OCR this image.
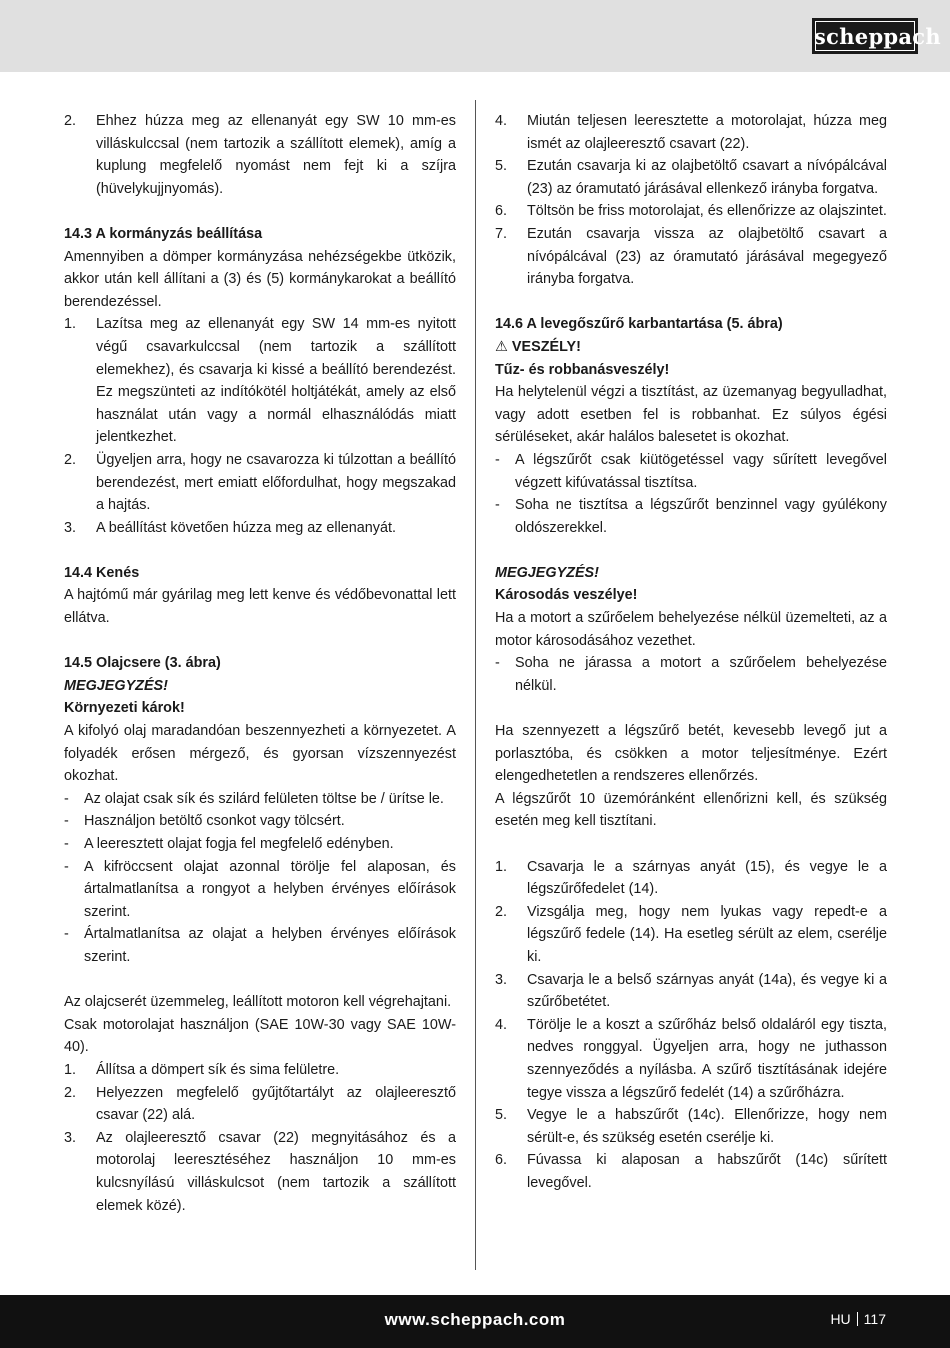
scheppach
2. Ehhez húzza meg az ellenanyát egy SW 10 mm-es villáskulccsal (nem tartozik a szállított elemek), amíg a kuplung megfelelő nyomást nem fejt ki a szíjra (hüvelykujjnyomás).

14.3 A kormányzás beállítása

Amennyiben a dömper kormányzása nehézségekbe ütközik, akkor után kell állítani a (3) és (5) kormánykarokat a beállító berendezéssel.

1. Lazítsa meg az ellenanyát egy SW 14 mm-es nyitott végű csavarkulccsal (nem tartozik a szállított elemekhez), és csavarja ki kissé a beállító berendezést. Ez megszünteti az indítókötél holtjátékát, amely az első használat után vagy a normál elhasználódás miatt jelentkezhet.
2. Ügyeljen arra, hogy ne csavarozza ki túlzottan a beállító berendezést, mert emiatt előfordulhat, hogy megszakad a hajtás.
3. A beállítást követően húzza meg az ellenanyát.

14.4 Kenés

A hajtómű már gyárilag meg lett kenve és védőbevonattal lett ellátva.

14.5 Olajcsere (3. ábra)

MEGJEGYZÉS!

Környezeti károk!

A kifolyó olaj maradandóan beszennyezheti a környezetet. A folyadék erősen mérgező, és gyorsan vízszennyezést okozhat.

- Az olajat csak sík és szilárd felületen töltse be / ürítse le.
- Használjon betöltő csonkot vagy tölcsért.
- A leeresztett olajat fogja fel megfelelő edényben.
- A kifröccsent olajat azonnal törölje fel alaposan, és ártalmatlanítsa a rongyot a helyben érvényes előírások szerint.
- Ártalmatlanítsa az olajat a helyben érvényes előírások szerint.

Az olajcserét üzemmeleg, leállított motoron kell végrehajtani.

Csak motorolajat használjon (SAE 10W-30 vagy SAE 10W-40).

1. Állítsa a dömpert sík és sima felületre.
2. Helyezzen megfelelő gyűjtőtartályt az olajleeresztő csavar (22) alá.
3. Az olajleeresztő csavar (22) megnyitásához és a motorolaj leeresztéséhez használjon 10 mm-es kulcsnyílású villáskulcsot (nem tartozik a szállított elemek közé).
4. Miután teljesen leeresztette a motorolajat, húzza meg ismét az olajleeresztő csavart (22).
5. Ezután csavarja ki az olajbetöltő csavart a nívópálcával (23) az óramutató járásával ellenkező irányba forgatva.
6. Töltsön be friss motorolajat, és ellenőrizze az olajszintet.
7. Ezután csavarja vissza az olajbetöltő csavart a nívópálcával (23) az óramutató járásával megegyező irányba forgatva.

14.6 A levegőszűrő karbantartása (5. ábra)

⚠ VESZÉLY!

Tűz- és robbanásveszély!

Ha helytelenül végzi a tisztítást, az üzemanyag begyulladhat, vagy adott esetben fel is robbanhat. Ez súlyos égési sérüléseket, akár halálos balesetet is okozhat.

- A légszűrőt csak kiütögetéssel vagy sűrített levegővel végzett kifúvatással tisztítsa.
- Soha ne tisztítsa a légszűrőt benzinnel vagy gyúlékony oldószerekkel.

MEGJEGYZÉS!

Károsodás veszélye!

Ha a motort a szűrőelem behelyezése nélkül üzemelteti, az a motor károsodásához vezethet.

- Soha ne járassa a motort a szűrőelem behelyezése nélkül.

Ha szennyezett a légszűrő betét, kevesebb levegő jut a porlasztóba, és csökken a motor teljesítménye. Ezért elengedhetetlen a rendszeres ellenőrzés.

A légszűrőt 10 üzemóránként ellenőrizni kell, és szükség esetén meg kell tisztítani.

1. Csavarja le a szárnyas anyát (15), és vegye le a légszűrőfedelet (14).
2. Vizsgálja meg, hogy nem lyukas vagy repedt-e a légszűrő fedele (14). Ha esetleg sérült az elem, cserélje ki.
3. Csavarja le a belső szárnyas anyát (14a), és vegye ki a szűrőbetétet.
4. Törölje le a koszt a szűrőház belső oldaláról egy tiszta, nedves ronggyal. Ügyeljen arra, hogy ne juthasson szennyeződés a nyílásba. A szűrő tisztításának idejére tegye vissza a légszűrő fedelét (14) a szűrőházra.
5. Vegye le a habszűrőt (14c). Ellenőrizze, hogy nem sérült-e, és szükség esetén cserélje ki.
6. Fúvassa ki alaposan a habszűrőt (14c) sűrített levegővel.
www.scheppach.com	HU 117
